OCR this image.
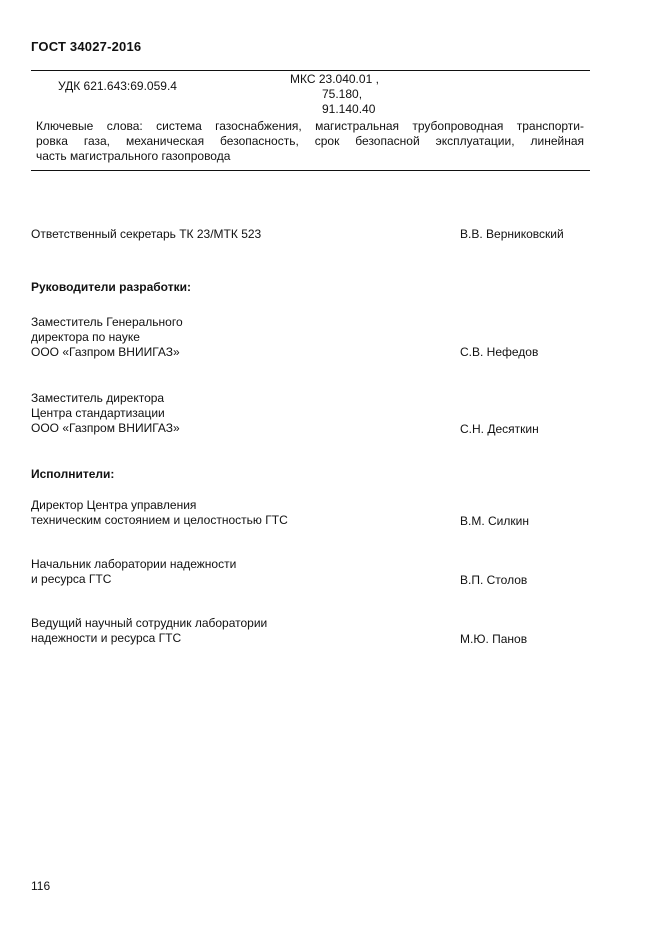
ГОСТ 34027-2016
УДК 621.643:69.059.4	МКС 23.040.01 ,
75.180,
91.140.40
Ключевые слова: система газоснабжения, магистральная трубопроводная транспорти-
ровка газа, механическая безопасность, срок безопасной эксплуатации, линейная
часть магистрального газопровода
Ответственный секретарь ТК 23/МТК 523	В.В. Верниковский
Руководители разработки:
Заместитель Генерального
директора по науке
ООО «Газпром ВНИИГАЗ»	С.В. Нефедов
Заместитель директора
Центра стандартизации
ООО «Газпром ВНИИГАЗ»	С.Н. Десяткин
Исполнители:
Директор Центра управления
техническим состоянием и целостностью ГТС	В.М. Силкин
Начальник лаборатории надежности
и ресурса ГТС	В.П. Столов
Ведущий научный сотрудник лаборатории
надежности и ресурса ГТС	М.Ю. Панов
116
